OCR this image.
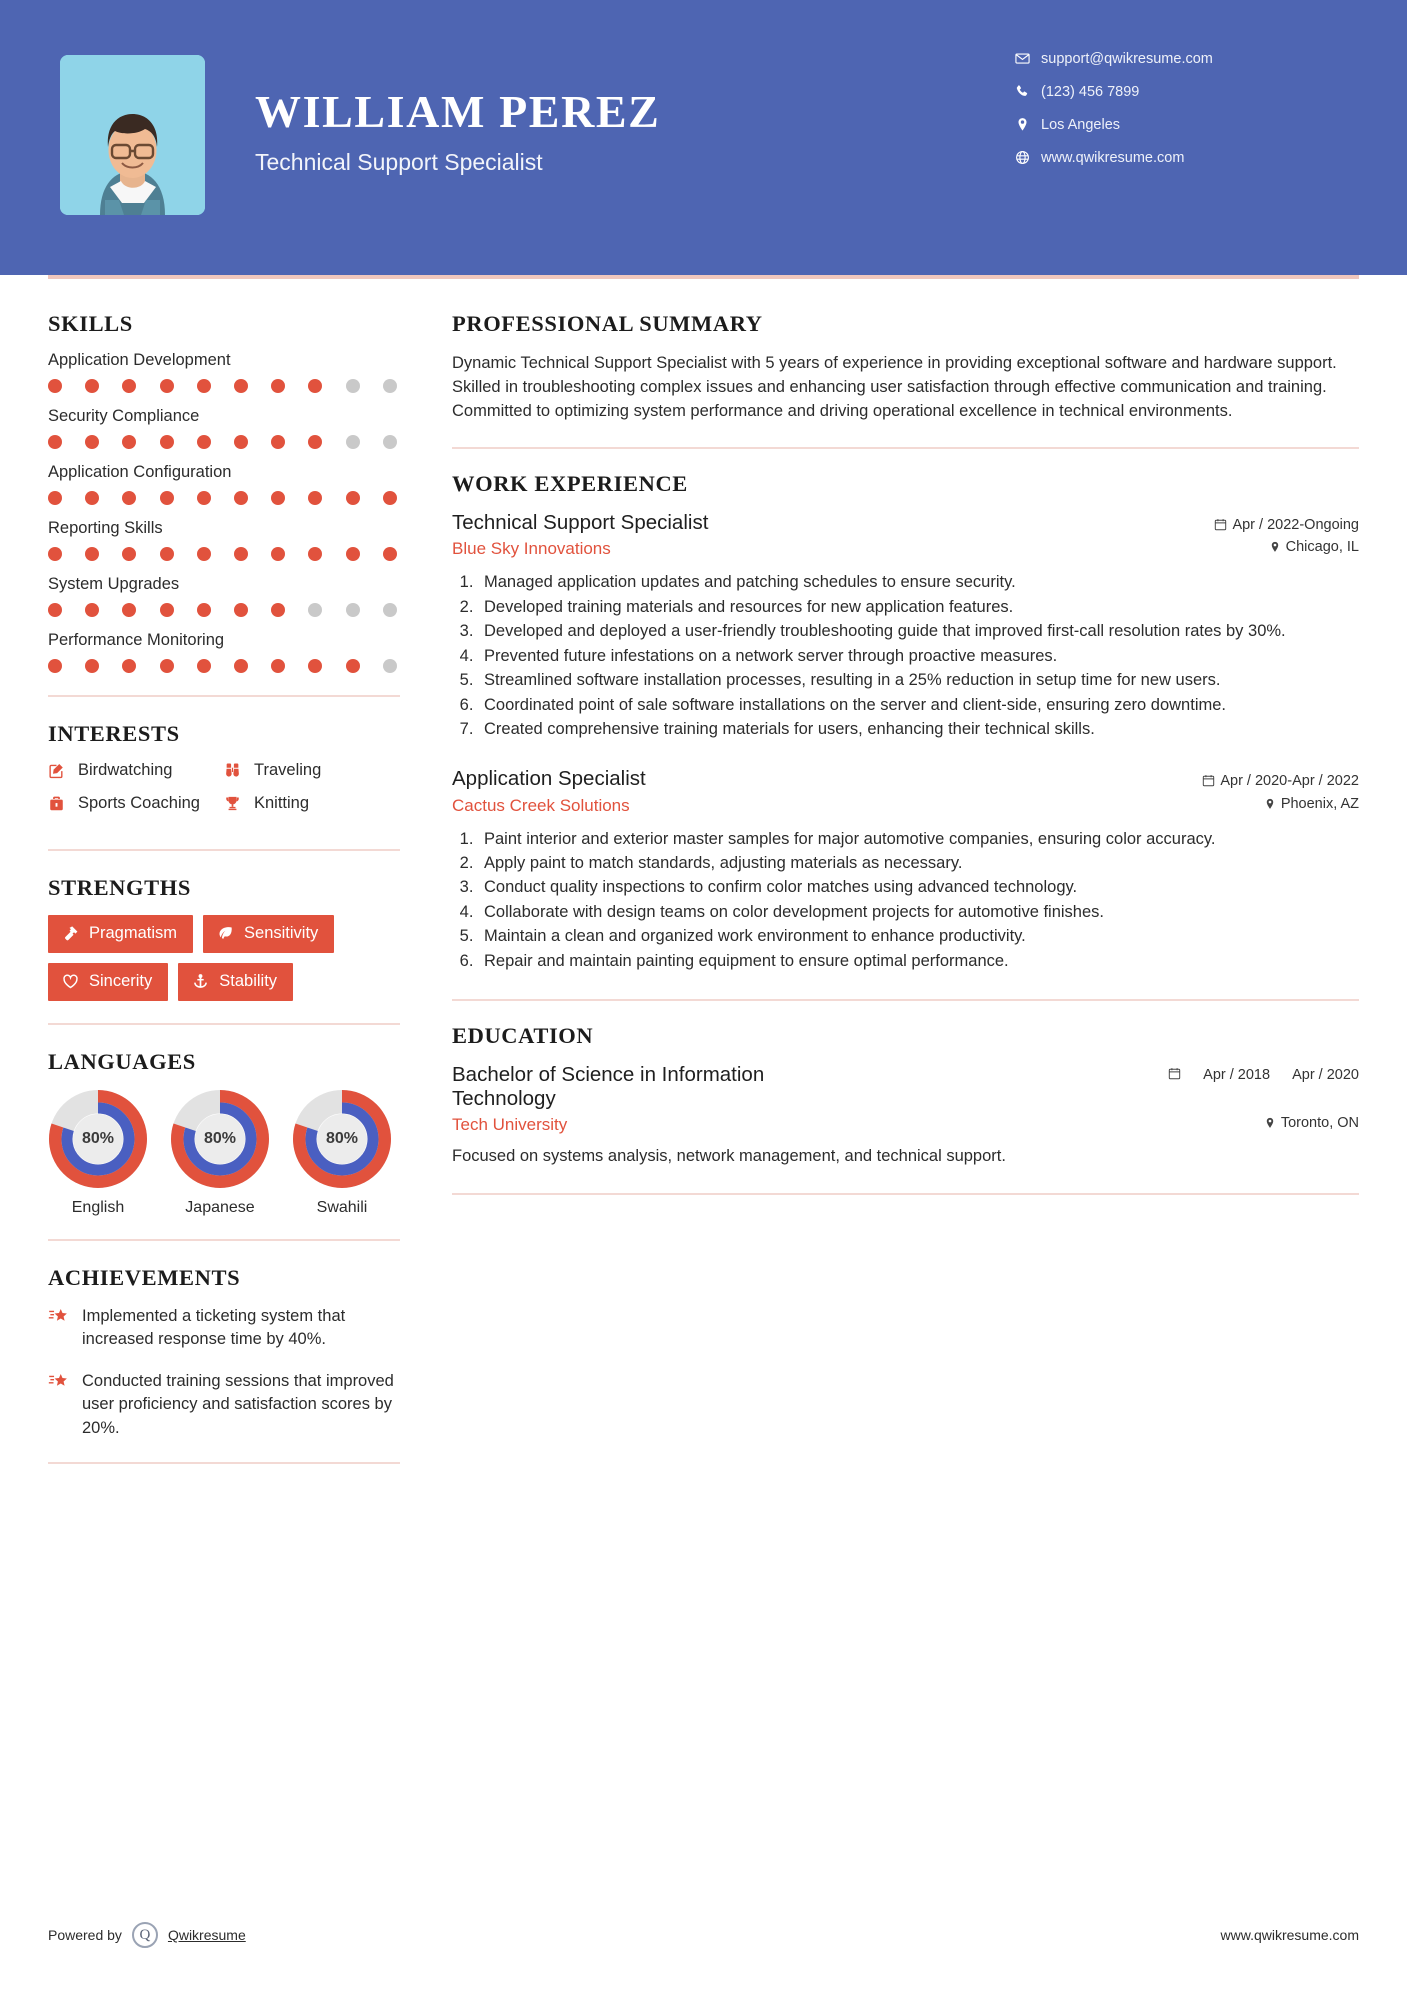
WILLIAM PEREZ
Technical Support Specialist
support@qwikresume.com
(123) 456 7899
Los Angeles
www.qwikresume.com
SKILLS
Application Development
Security Compliance
Application Configuration
Reporting Skills
System Upgrades
Performance Monitoring
INTERESTS
Birdwatching	Traveling
Sports Coaching	Knitting
STRENGTHS
Pragmatism	Sensitivity
Sincerity	Stability
LANGUAGES
80%
English
80%
Japanese
80%
Swahili
ACHIEVEMENTS
Implemented a ticketing system that increased response time by 40%.
Conducted training sessions that improved user proficiency and satisfaction scores by 20%.
PROFESSIONAL SUMMARY
Dynamic Technical Support Specialist with 5 years of experience in providing exceptional software and hardware support. Skilled in troubleshooting complex issues and enhancing user satisfaction through effective communication and training. Committed to optimizing system performance and driving operational excellence in technical environments.
WORK EXPERIENCE
Technical Support Specialist	Apr / 2022-Ongoing
Blue Sky Innovations	Chicago, IL
1. Managed application updates and patching schedules to ensure security.
2. Developed training materials and resources for new application features.
3. Developed and deployed a user-friendly troubleshooting guide that improved first-call resolution rates by 30%.
4. Prevented future infestations on a network server through proactive measures.
5. Streamlined software installation processes, resulting in a 25% reduction in setup time for new users.
6. Coordinated point of sale software installations on the server and client-side, ensuring zero downtime.
7. Created comprehensive training materials for users, enhancing their technical skills.
Application Specialist	Apr / 2020-Apr / 2022
Cactus Creek Solutions	Phoenix, AZ
1. Paint interior and exterior master samples for major automotive companies, ensuring color accuracy.
2. Apply paint to match standards, adjusting materials as necessary.
3. Conduct quality inspections to confirm color matches using advanced technology.
4. Collaborate with design teams on color development projects for automotive finishes.
5. Maintain a clean and organized work environment to enhance productivity.
6. Repair and maintain painting equipment to ensure optimal performance.
EDUCATION
Bachelor of Science in Information Technology
Apr / 2018 Apr / 2020
Tech University	Toronto, ON
Focused on systems analysis, network management, and technical support.
Powered by Q Qwikresume	www.qwikresume.com
